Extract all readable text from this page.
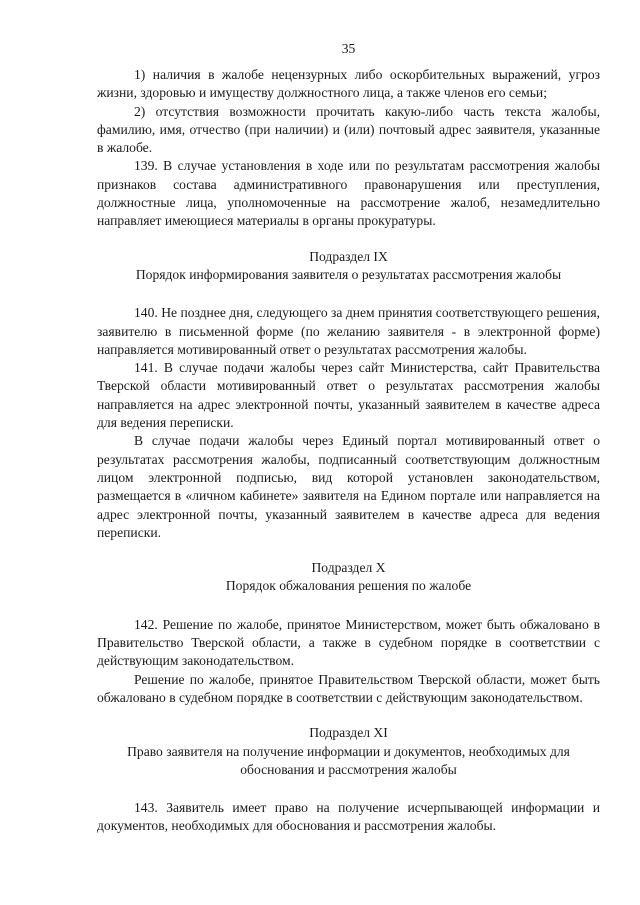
35

1) наличия в жалобе нецензурных либо оскорбительных выражений, угроз жизни, здоровью и имуществу должностного лица, а также членов его семьи;

2) отсутствия возможности прочитать какую-либо часть текста жалобы, фамилию, имя, отчество (при наличии) и (или) почтовый адрес заявителя, указанные в жалобе.

139. В случае установления в ходе или по результатам рассмотрения жалобы признаков состава административного правонарушения или преступления, должностные лица, уполномоченные на рассмотрение жалоб, незамедлительно направляет имеющиеся материалы в органы прокуратуры.

Подраздел IX
Порядок информирования заявителя о результатах рассмотрения жалобы

140. Не позднее дня, следующего за днем принятия соответствующего решения, заявителю в письменной форме (по желанию заявителя - в электронной форме) направляется мотивированный ответ о результатах рассмотрения жалобы.

141. В случае подачи жалобы через сайт Министерства, сайт Правительства Тверской области мотивированный ответ о результатах рассмотрения жалобы направляется на адрес электронной почты, указанный заявителем в качестве адреса для ведения переписки.

В случае подачи жалобы через Единый портал мотивированный ответ о результатах рассмотрения жалобы, подписанный соответствующим должностным лицом электронной подписью, вид которой установлен законодательством, размещается в «личном кабинете» заявителя на Едином портале или направляется на адрес электронной почты, указанный заявителем в качестве адреса для ведения переписки.

Подраздел X
Порядок обжалования решения по жалобе

142. Решение по жалобе, принятое Министерством, может быть обжаловано в Правительство Тверской области, а также в судебном порядке в соответствии с действующим законодательством.

Решение по жалобе, принятое Правительством Тверской области, может быть обжаловано в судебном порядке в соответствии с действующим законодательством.

Подраздел XI
Право заявителя на получение информации и документов, необходимых для обоснования и рассмотрения жалобы

143. Заявитель имеет право на получение исчерпывающей информации и документов, необходимых для обоснования и рассмотрения жалобы.
